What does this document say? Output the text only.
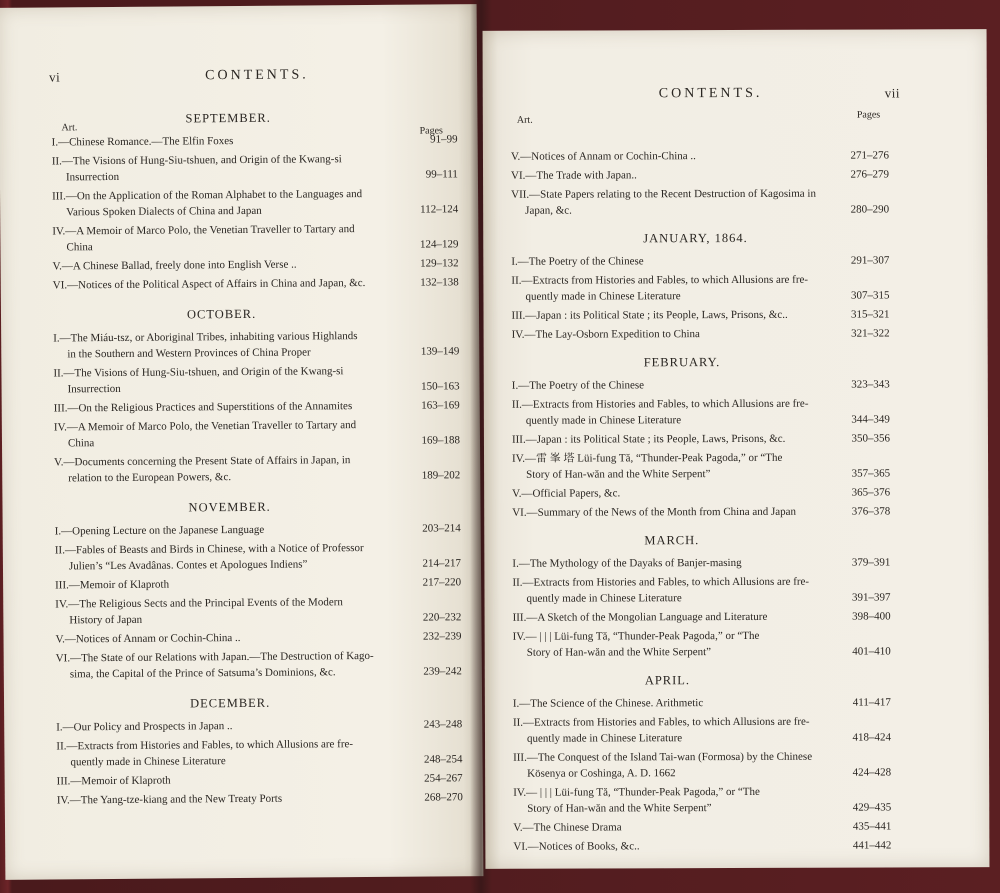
vi	CONTENTS.
Art.	Pages
SEPTEMBER.
I.—Chinese Romance.—The Elfin Foxes	91–99
II.—The Visions of Hung-Siu-tshuen, and Origin of the Kwang-si
Insurrection	99–111
III.—On the Application of the Roman Alphabet to the Languages and
Various Spoken Dialects of China and Japan	112–124
IV.—A Memoir of Marco Polo, the Venetian Traveller to Tartary and
China	124–129
V.—A Chinese Ballad, freely done into English Verse ..	129–132
VI.—Notices of the Political Aspect of Affairs in China and Japan, &c.	132–138
OCTOBER.
I.—The Miáu-tsz, or Aboriginal Tribes, inhabiting various Highlands
in the Southern and Western Provinces of China Proper	139–149
II.—The Visions of Hung-Siu-tshuen, and Origin of the Kwang-si
Insurrection	150–163
III.—On the Religious Practices and Superstitions of the Annamites	163–169
IV.—A Memoir of Marco Polo, the Venetian Traveller to Tartary and
China	169–188
V.—Documents concerning the Present State of Affairs in Japan, in
relation to the European Powers, &c.	189–202
NOVEMBER.
I.—Opening Lecture on the Japanese Language	203–214
II.—Fables of Beasts and Birds in Chinese, with a Notice of Professor
Julien’s “Les Avadânas. Contes et Apologues Indiens”	214–217
III.—Memoir of Klaproth	217–220
IV.—The Religious Sects and the Principal Events of the Modern
History of Japan	220–232
V.—Notices of Annam or Cochin-China ..	232–239
VI.—The State of our Relations with Japan.—The Destruction of Kago-
sima, the Capital of the Prince of Satsuma’s Dominions, &c.	239–242
DECEMBER.
I.—Our Policy and Prospects in Japan ..	243–248
II.—Extracts from Histories and Fables, to which Allusions are fre-
quently made in Chinese Literature	248–254
III.—Memoir of Klaproth	254–267
IV.—The Yang-tze-kiang and the New Treaty Ports	268–270
CONTENTS.	vii
Art.	Pages
V.—Notices of Annam or Cochin-China ..	271–276
VI.—The Trade with Japan..	276–279
VII.—State Papers relating to the Recent Destruction of Kagosima in
Japan, &c.	280–290
JANUARY, 1864.
I.—The Poetry of the Chinese	291–307
II.—Extracts from Histories and Fables, to which Allusions are fre-
quently made in Chinese Literature	307–315
III.—Japan : its Political State ; its People, Laws, Prisons, &c..	315–321
IV.—The Lay-Osborn Expedition to China	321–322
FEBRUARY.
I.—The Poetry of the Chinese	323–343
II.—Extracts from Histories and Fables, to which Allusions are fre-
quently made in Chinese Literature	344–349
III.—Japan : its Political State ; its People, Laws, Prisons, &c.	350–356
IV.—雷 峯 塔 Lüi-fung Tă, “Thunder-Peak Pagoda,” or “The
Story of Han-wăn and the White Serpent”	357–365
V.—Official Papers, &c.	365–376
VI.—Summary of the News of the Month from China and Japan	376–378
MARCH.
I.—The Mythology of the Dayaks of Banjer-masing	379–391
II.—Extracts from Histories and Fables, to which Allusions are fre-
quently made in Chinese Literature	391–397
III.—A Sketch of the Mongolian Language and Literature	398–400
IV.— | | | Lüi-fung Tă, “Thunder-Peak Pagoda,” or “The
Story of Han-wăn and the White Serpent”	401–410
APRIL.
I.—The Science of the Chinese. Arithmetic	411–417
II.—Extracts from Histories and Fables, to which Allusions are fre-
quently made in Chinese Literature	418–424
III.—The Conquest of the Island Tai-wan (Formosa) by the Chinese
Kösenya or Coshinga, A. D. 1662	424–428
IV.— | | | Lüi-fung Tă, “Thunder-Peak Pagoda,” or “The
Story of Han-wăn and the White Serpent”	429–435
V.—The Chinese Drama	435–441
VI.—Notices of Books, &c..	441–442
